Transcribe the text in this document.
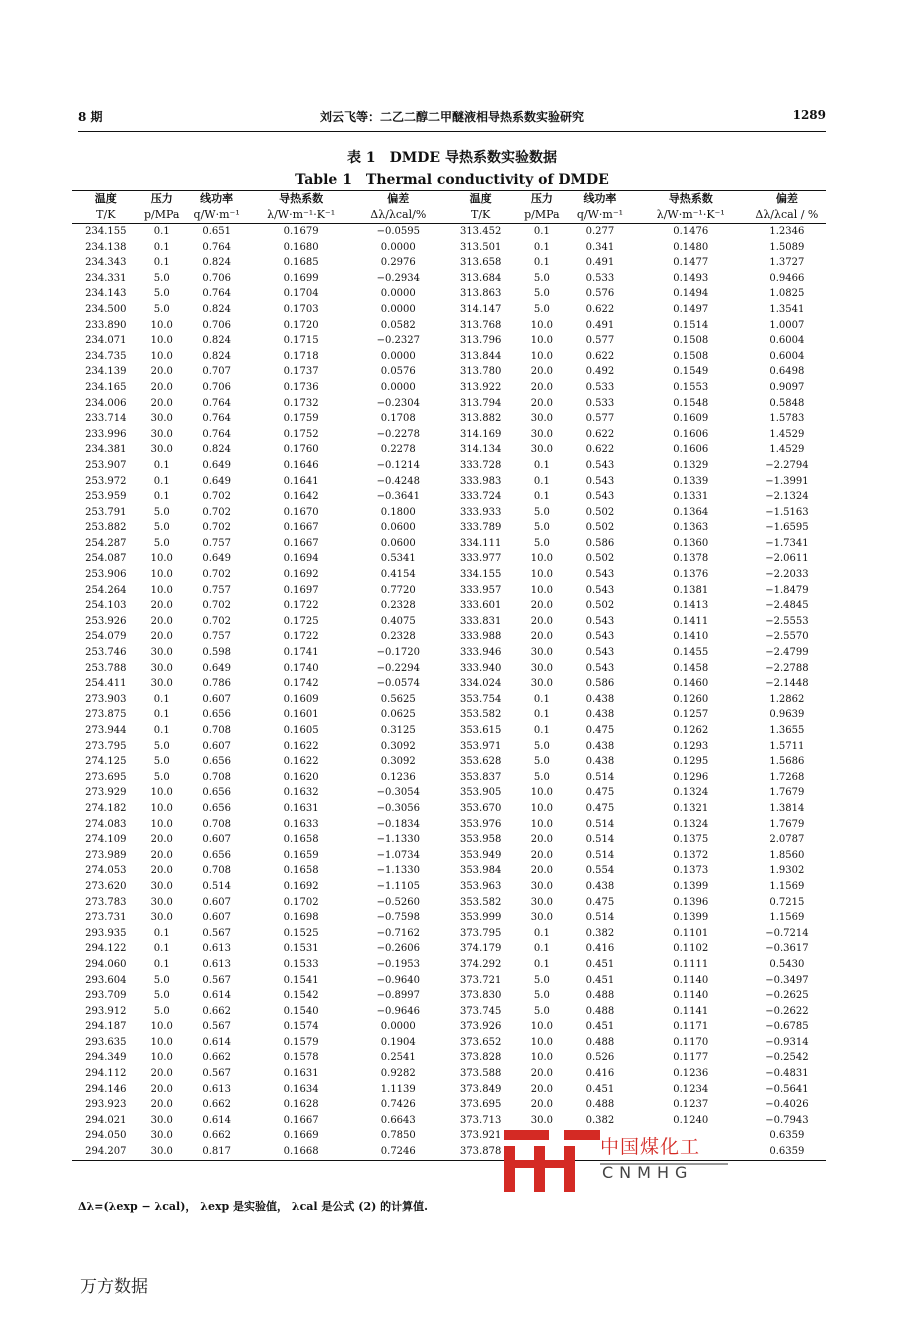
8 期	刘云飞等：二乙二醇二甲醚液相导热系数实验研究	1289
表 1　DMDE 导热系数实验数据
Table 1　Thermal conductivity of DMDE
温度	压力	线功率	导热系数	偏差	温度	压力	线功率	导热系数	偏差
T/K	p/MPa	q/W·m⁻¹	λ/W·m⁻¹·K⁻¹	Δλ/λcal/%	T/K	p/MPa	q/W·m⁻¹	λ/W·m⁻¹·K⁻¹	Δλ/λcal / %
234.155	0.1	0.651	0.1679	−0.0595	313.452	0.1	0.277	0.1476	1.2346
234.138	0.1	0.764	0.1680	0.0000	313.501	0.1	0.341	0.1480	1.5089
234.343	0.1	0.824	0.1685	0.2976	313.658	0.1	0.491	0.1477	1.3727
234.331	5.0	0.706	0.1699	−0.2934	313.684	5.0	0.533	0.1493	0.9466
234.143	5.0	0.764	0.1704	0.0000	313.863	5.0	0.576	0.1494	1.0825
234.500	5.0	0.824	0.1703	0.0000	314.147	5.0	0.622	0.1497	1.3541
233.890	10.0	0.706	0.1720	0.0582	313.768	10.0	0.491	0.1514	1.0007
234.071	10.0	0.824	0.1715	−0.2327	313.796	10.0	0.577	0.1508	0.6004
234.735	10.0	0.824	0.1718	0.0000	313.844	10.0	0.622	0.1508	0.6004
234.139	20.0	0.707	0.1737	0.0576	313.780	20.0	0.492	0.1549	0.6498
234.165	20.0	0.706	0.1736	0.0000	313.922	20.0	0.533	0.1553	0.9097
234.006	20.0	0.764	0.1732	−0.2304	313.794	20.0	0.533	0.1548	0.5848
233.714	30.0	0.764	0.1759	0.1708	313.882	30.0	0.577	0.1609	1.5783
233.996	30.0	0.764	0.1752	−0.2278	314.169	30.0	0.622	0.1606	1.4529
234.381	30.0	0.824	0.1760	0.2278	314.134	30.0	0.622	0.1606	1.4529
253.907	0.1	0.649	0.1646	−0.1214	333.728	0.1	0.543	0.1329	−2.2794
253.972	0.1	0.649	0.1641	−0.4248	333.983	0.1	0.543	0.1339	−1.3991
253.959	0.1	0.702	0.1642	−0.3641	333.724	0.1	0.543	0.1331	−2.1324
253.791	5.0	0.702	0.1670	0.1800	333.933	5.0	0.502	0.1364	−1.5163
253.882	5.0	0.702	0.1667	0.0600	333.789	5.0	0.502	0.1363	−1.6595
254.287	5.0	0.757	0.1667	0.0600	334.111	5.0	0.586	0.1360	−1.7341
254.087	10.0	0.649	0.1694	0.5341	333.977	10.0	0.502	0.1378	−2.0611
253.906	10.0	0.702	0.1692	0.4154	334.155	10.0	0.543	0.1376	−2.2033
254.264	10.0	0.757	0.1697	0.7720	333.957	10.0	0.543	0.1381	−1.8479
254.103	20.0	0.702	0.1722	0.2328	333.601	20.0	0.502	0.1413	−2.4845
253.926	20.0	0.702	0.1725	0.4075	333.831	20.0	0.543	0.1411	−2.5553
254.079	20.0	0.757	0.1722	0.2328	333.988	20.0	0.543	0.1410	−2.5570
253.746	30.0	0.598	0.1741	−0.1720	333.946	30.0	0.543	0.1455	−2.4799
253.788	30.0	0.649	0.1740	−0.2294	333.940	30.0	0.543	0.1458	−2.2788
254.411	30.0	0.786	0.1742	−0.0574	334.024	30.0	0.586	0.1460	−2.1448
273.903	0.1	0.607	0.1609	0.5625	353.754	0.1	0.438	0.1260	1.2862
273.875	0.1	0.656	0.1601	0.0625	353.582	0.1	0.438	0.1257	0.9639
273.944	0.1	0.708	0.1605	0.3125	353.615	0.1	0.475	0.1262	1.3655
273.795	5.0	0.607	0.1622	0.3092	353.971	5.0	0.438	0.1293	1.5711
274.125	5.0	0.656	0.1622	0.3092	353.628	5.0	0.438	0.1295	1.5686
273.695	5.0	0.708	0.1620	0.1236	353.837	5.0	0.514	0.1296	1.7268
273.929	10.0	0.656	0.1632	−0.3054	353.905	10.0	0.475	0.1324	1.7679
274.182	10.0	0.656	0.1631	−0.3056	353.670	10.0	0.475	0.1321	1.3814
274.083	10.0	0.708	0.1633	−0.1834	353.976	10.0	0.514	0.1324	1.7679
274.109	20.0	0.607	0.1658	−1.1330	353.958	20.0	0.514	0.1375	2.0787
273.989	20.0	0.656	0.1659	−1.0734	353.949	20.0	0.514	0.1372	1.8560
274.053	20.0	0.708	0.1658	−1.1330	353.984	20.0	0.554	0.1373	1.9302
273.620	30.0	0.514	0.1692	−1.1105	353.963	30.0	0.438	0.1399	1.1569
273.783	30.0	0.607	0.1702	−0.5260	353.582	30.0	0.475	0.1396	0.7215
273.731	30.0	0.607	0.1698	−0.7598	353.999	30.0	0.514	0.1399	1.1569
293.935	0.1	0.567	0.1525	−0.7162	373.795	0.1	0.382	0.1101	−0.7214
294.122	0.1	0.613	0.1531	−0.2606	374.179	0.1	0.416	0.1102	−0.3617
294.060	0.1	0.613	0.1533	−0.1953	374.292	0.1	0.451	0.1111	0.5430
293.604	5.0	0.567	0.1541	−0.9640	373.721	5.0	0.451	0.1140	−0.3497
293.709	5.0	0.614	0.1542	−0.8997	373.830	5.0	0.488	0.1140	−0.2625
293.912	5.0	0.662	0.1540	−0.9646	373.745	5.0	0.488	0.1141	−0.2622
294.187	10.0	0.567	0.1574	0.0000	373.926	10.0	0.451	0.1171	−0.6785
293.635	10.0	0.614	0.1579	0.1904	373.652	10.0	0.488	0.1170	−0.9314
294.349	10.0	0.662	0.1578	0.2541	373.828	10.0	0.526	0.1177	−0.2542
294.112	20.0	0.567	0.1631	0.9282	373.588	20.0	0.416	0.1236	−0.4831
294.146	20.0	0.613	0.1634	1.1139	373.849	20.0	0.451	0.1234	−0.5641
293.923	20.0	0.662	0.1628	0.7426	373.695	20.0	0.488	0.1237	−0.4026
294.021	30.0	0.614	0.1667	0.6643	373.713	30.0	0.382	0.1240	−0.7943
294.050	30.0	0.662	0.1669	0.7850	373.921				0.6359
294.207	30.0	0.817	0.1668	0.7246	373.878				0.6359
中国煤化工
CNMHG
Δλ=(λexp − λcal)， λexp 是实验值， λcal 是公式 (2) 的计算值.
万方数据
